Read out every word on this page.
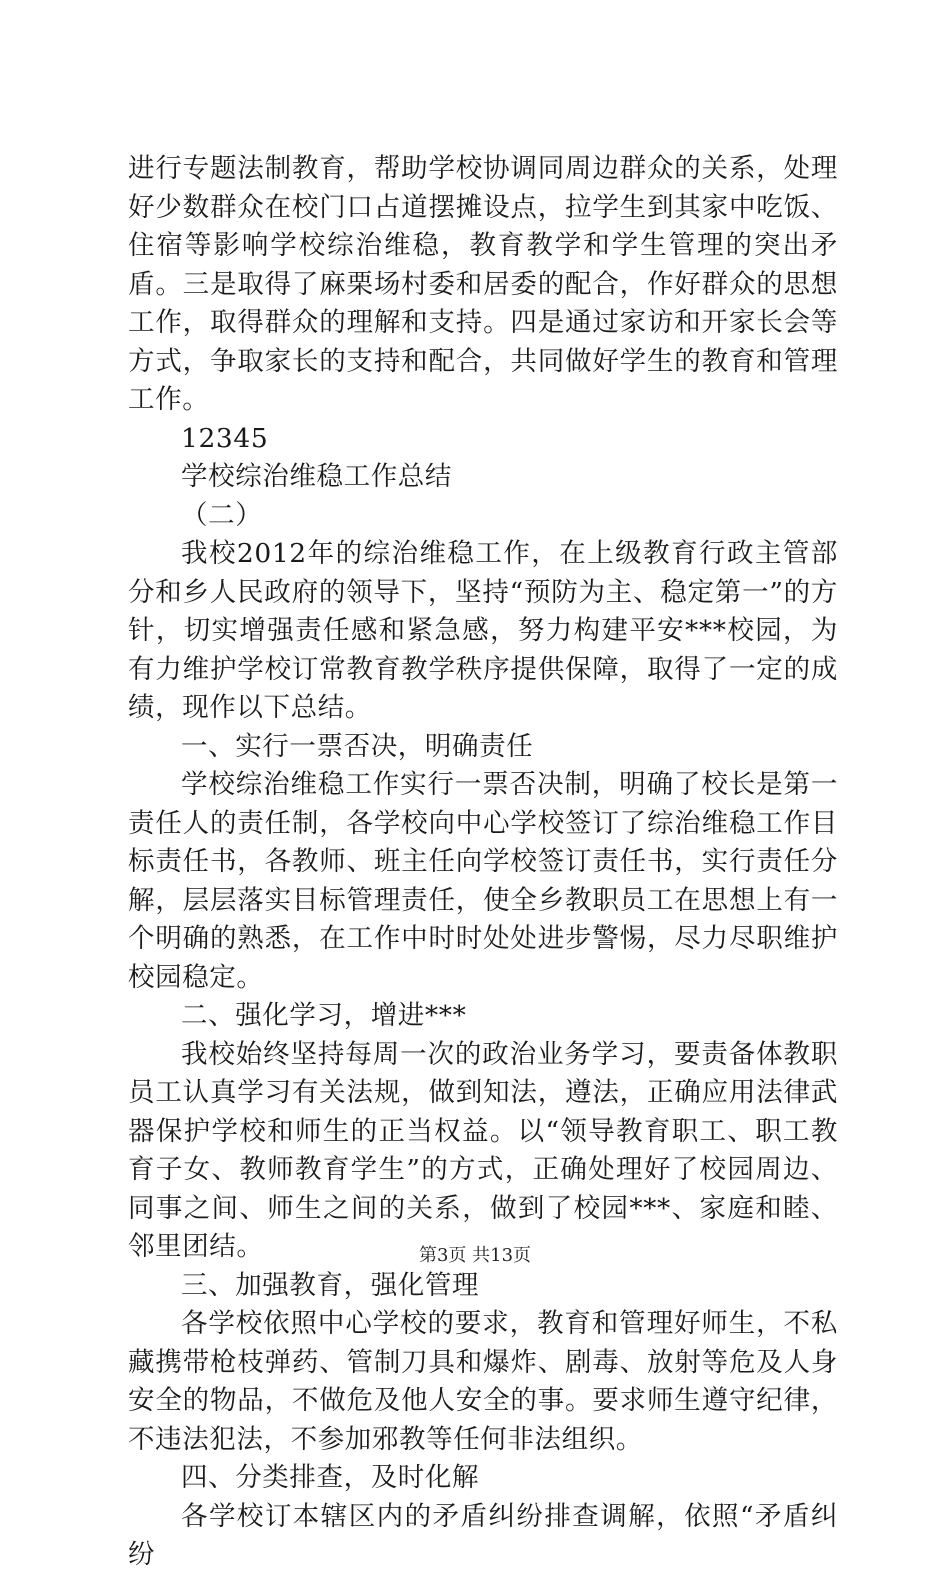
进行专题法制教育，帮助学校协调同周边群众的关系，处理好少数群众在校门口占道摆摊设点，拉学生到其家中吃饭、住宿等影响学校综治维稳，教育教学和学生管理的突出矛盾。三是取得了麻栗场村委和居委的配合，作好群众的思想工作，取得群众的理解和支持。四是通过家访和开家长会等方式，争取家长的支持和配合，共同做好学生的教育和管理工作。

12345

学校综治维稳工作总结

（二）

我校2012年的综治维稳工作，在上级教育行政主管部分和乡人民政府的领导下，坚持“预防为主、稳定第一”的方针，切实增强责任感和紧急感，努力构建平安***校园，为有力维护学校订常教育教学秩序提供保障，取得了一定的成绩，现作以下总结。

一、实行一票否决，明确责任

学校综治维稳工作实行一票否决制，明确了校长是第一责任人的责任制，各学校向中心学校签订了综治维稳工作目标责任书，各教师、班主任向学校签订责任书，实行责任分解，层层落实目标管理责任，使全乡教职员工在思想上有一个明确的熟悉，在工作中时时处处进步警惕，尽力尽职维护校园稳定。

二、强化学习，增进***

我校始终坚持每周一次的政治业务学习，要责备体教职员工认真学习有关法规，做到知法，遵法，正确应用法律武器保护学校和师生的正当权益。以“领导教育职工、职工教育子女、教师教育学生”的方式，正确处理好了校园周边、同事之间、师生之间的关系，做到了校园***、家庭和睦、邻里团结。

三、加强教育，强化管理

各学校依照中心学校的要求，教育和管理好师生，不私藏携带枪枝弹药、管制刀具和爆炸、剧毒、放射等危及人身安全的物品，不做危及他人安全的事。要求师生遵守纪律，不违法犯法，不参加邪教等任何非法组织。

四、分类排查，及时化解

各学校订本辖区内的矛盾纠纷排查调解，依照“矛盾纠纷

第3页 共13页
